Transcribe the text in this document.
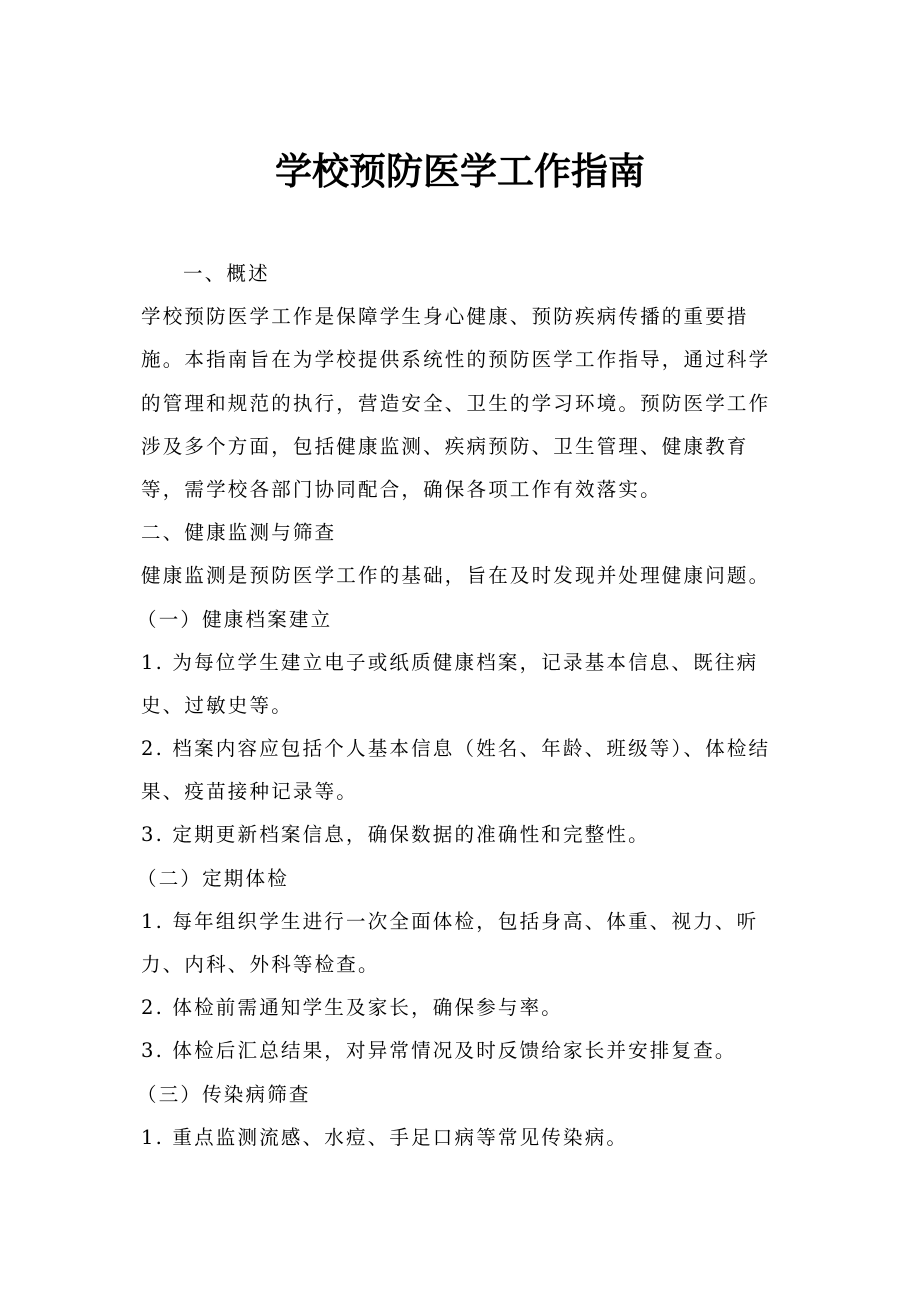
学校预防医学工作指南
一、概述
学校预防医学工作是保障学生身心健康、预防疾病传播的重要措
施。本指南旨在为学校提供系统性的预防医学工作指导，通过科学
的管理和规范的执行，营造安全、卫生的学习环境。预防医学工作
涉及多个方面，包括健康监测、疾病预防、卫生管理、健康教育
等，需学校各部门协同配合，确保各项工作有效落实。
二、健康监测与筛查
健康监测是预防医学工作的基础，旨在及时发现并处理健康问题。
（一）健康档案建立
1. 为每位学生建立电子或纸质健康档案，记录基本信息、既往病
史、过敏史等。
2. 档案内容应包括个人基本信息（姓名、年龄、班级等）、体检结
果、疫苗接种记录等。
3. 定期更新档案信息，确保数据的准确性和完整性。
（二）定期体检
1. 每年组织学生进行一次全面体检，包括身高、体重、视力、听
力、内科、外科等检查。
2. 体检前需通知学生及家长，确保参与率。
3. 体检后汇总结果，对异常情况及时反馈给家长并安排复查。
（三）传染病筛查
1. 重点监测流感、水痘、手足口病等常见传染病。
